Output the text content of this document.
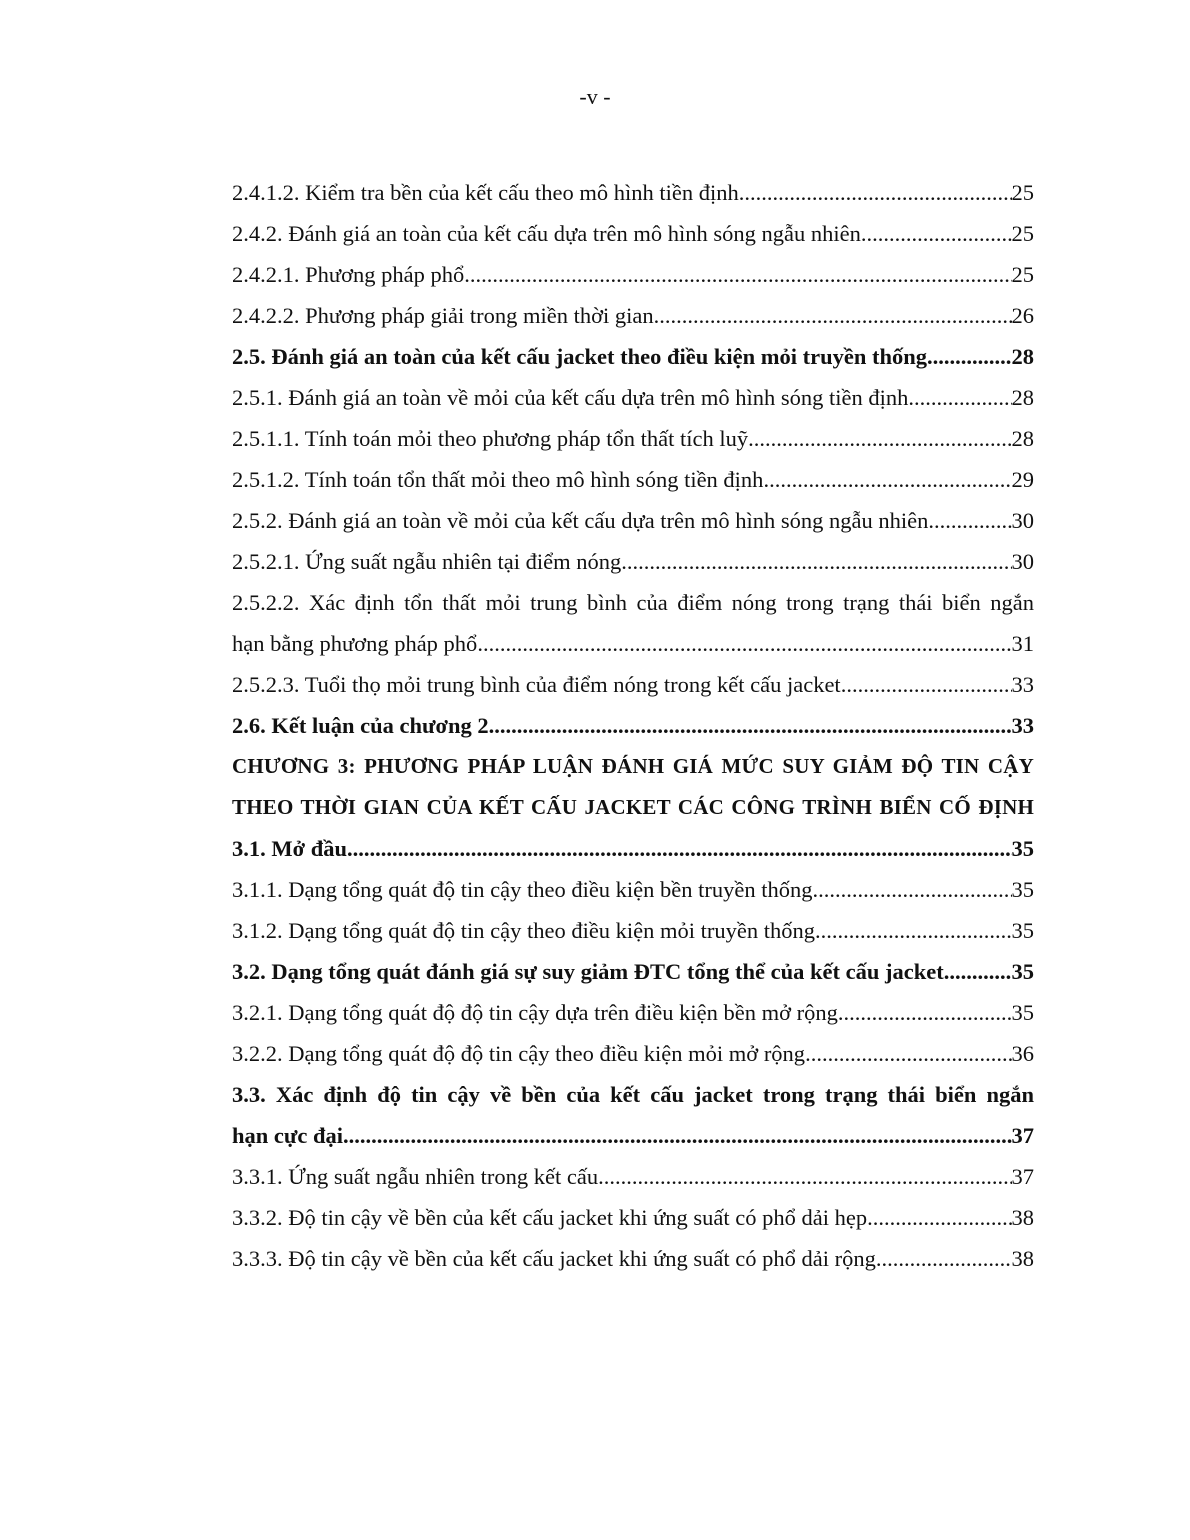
-v -
2.4.1.2. Kiểm tra bền của kết cấu theo mô hình tiền định .....	25
2.4.2. Đánh giá an toàn của kết cấu dựa trên mô hình sóng ngẫu nhiên .....	25
2.4.2.1. Phương pháp phổ .....	25
2.4.2.2. Phương pháp giải trong miền thời gian .....	26
2.5. Đánh giá an toàn của kết cấu jacket theo điều kiện mỏi truyền thống .....	28
2.5.1. Đánh giá an toàn về mỏi của kết cấu dựa trên mô hình sóng tiền định .....	28
2.5.1.1. Tính toán mỏi theo phương pháp tổn thất tích luỹ .....	28
2.5.1.2. Tính toán tổn thất mỏi theo mô hình sóng tiền định .....	29
2.5.2. Đánh giá an toàn về mỏi của kết cấu dựa trên mô hình sóng ngẫu nhiên .....	30
2.5.2.1. Ứng suất ngẫu nhiên tại điểm nóng .....	30
2.5.2.2. Xác định tổn thất mỏi trung bình của điểm nóng trong trạng thái biển ngắn
hạn bằng phương pháp phổ .....	31
2.5.2.3. Tuổi thọ mỏi trung bình của điểm nóng trong kết cấu jacket .....	33
2.6. Kết luận của chương 2 .....	33
CHƯƠNG 3: PHƯƠNG PHÁP LUẬN ĐÁNH GIÁ MỨC SUY GIẢM ĐỘ TIN CẬY
THEO THỜI GIAN CỦA KẾT CẤU JACKET CÁC CÔNG TRÌNH BIỂN CỐ ĐỊNH
3.1. Mở đầu .....	35
3.1.1. Dạng tổng quát độ tin cậy theo điều kiện bền truyền thống .....	35
3.1.2. Dạng tổng quát độ tin cậy theo điều kiện mỏi truyền thống .....	35
3.2. Dạng tổng quát đánh giá sự suy giảm ĐTC tổng thể của kết cấu jacket .....	35
3.2.1. Dạng tổng quát độ độ tin cậy dựa trên điều kiện bền mở rộng .....	35
3.2.2. Dạng tổng quát độ độ tin cậy theo điều kiện mỏi mở rộng .....	36
3.3. Xác định độ tin cậy về bền của kết cấu jacket trong trạng thái biển ngắn
hạn cực đại .....	37
3.3.1. Ứng suất ngẫu nhiên trong kết cấu .....	37
3.3.2. Độ tin cậy về bền của kết cấu jacket khi ứng suất có phổ dải hẹp .....	38
3.3.3. Độ tin cậy về bền của kết cấu jacket khi ứng suất có phổ dải rộng .....	38
